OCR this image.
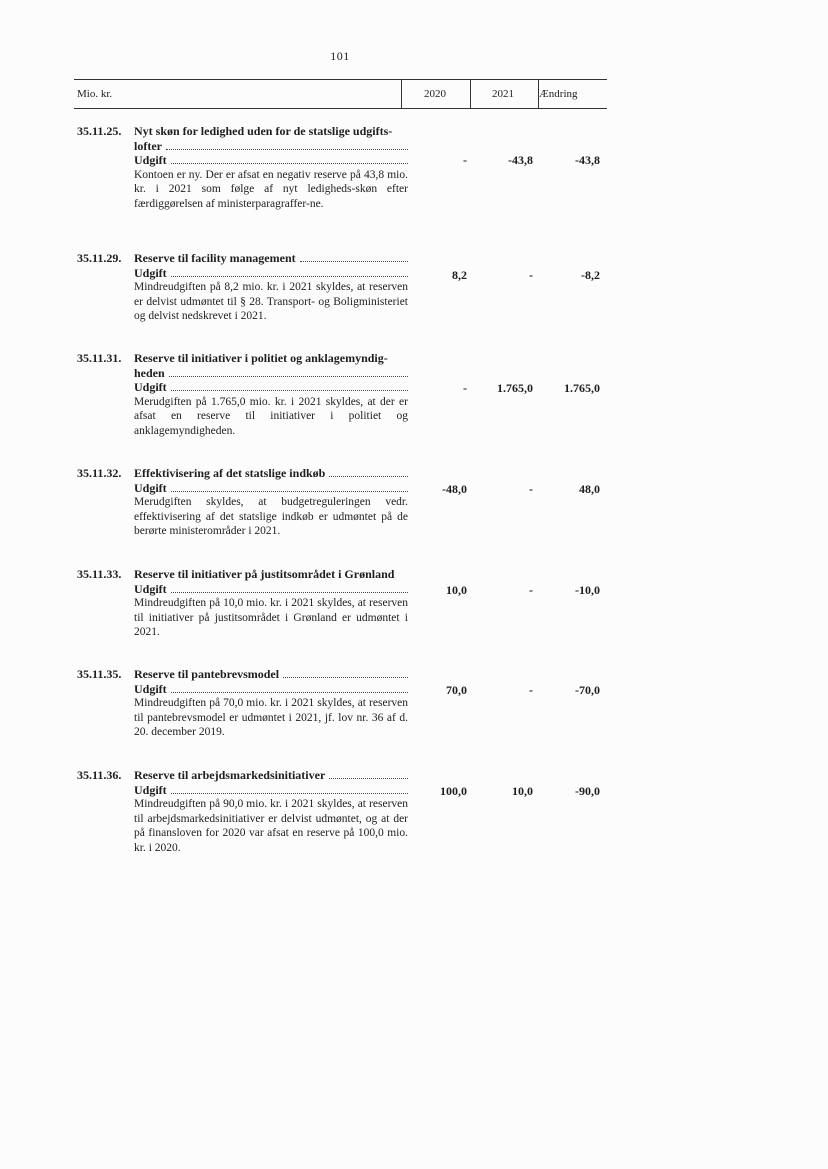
101
Mio. kr.	2020	2021 Ændring
35.11.25. Nyt skøn for ledighed uden for de statslige udgifts-
lofter
Udgift
Kontoen er ny. Der er afsat en negativ reserve på 43,8 mio. kr. i 2021 som følge af nyt ledigheds-skøn efter færdiggørelsen af ministerparagraffer-ne.
-	-43,8	-43,8
35.11.29. Reserve til facility management
Udgift
Mindreudgiften på 8,2 mio. kr. i 2021 skyldes, at reserven er delvist udmøntet til § 28. Transport- og Boligministeriet og delvist nedskrevet i 2021.
8,2	-	-8,2
35.11.31. Reserve til initiativer i politiet og anklagemyndig-
heden
Udgift
Merudgiften på 1.765,0 mio. kr. i 2021 skyldes, at der er afsat en reserve til initiativer i politiet og anklagemyndigheden.
-	1.765,0	1.765,0
35.11.32. Effektivisering af det statslige indkøb
Udgift
Merudgiften skyldes, at budgetreguleringen vedr. effektivisering af det statslige indkøb er udmøntet på de berørte ministerområder i 2021.
-48,0	-	48,0
35.11.33. Reserve til initiativer på justitsområdet i Grønland
Udgift
Mindreudgiften på 10,0 mio. kr. i 2021 skyldes, at reserven til initiativer på justitsområdet i Grønland er udmøntet i 2021.
10,0	-	-10,0
35.11.35. Reserve til pantebrevsmodel
Udgift
Mindreudgiften på 70,0 mio. kr. i 2021 skyldes, at reserven til pantebrevsmodel er udmøntet i 2021, jf. lov nr. 36 af d. 20. december 2019.
70,0	-	-70,0
35.11.36. Reserve til arbejdsmarkedsinitiativer
Udgift
Mindreudgiften på 90,0 mio. kr. i 2021 skyldes, at reserven til arbejdsmarkedsinitiativer er delvist udmøntet, og at der på finansloven for 2020 var afsat en reserve på 100,0 mio. kr. i 2020.
100,0	10,0	-90,0
